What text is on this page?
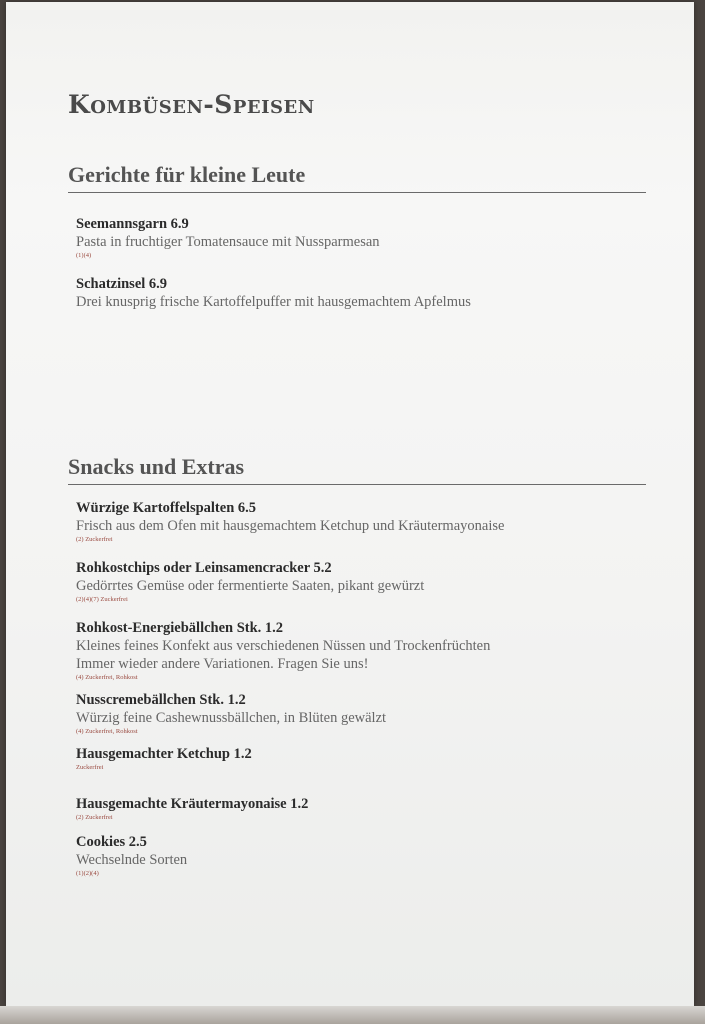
Kombüsen-Speisen
Gerichte für kleine Leute
Seemannsgarn 6.9
Pasta in fruchtiger Tomatensauce mit Nussparmesan
(1)(4)
Schatzinsel 6.9
Drei knusprig frische Kartoffelpuffer mit hausgemachtem Apfelmus
Snacks und Extras
Würzige Kartoffelspalten 6.5
Frisch aus dem Ofen mit hausgemachtem Ketchup und Kräutermayonaise
(2) Zuckerfrei
Rohkostchips oder Leinsamencracker 5.2
Gedörrtes Gemüse oder fermentierte Saaten, pikant gewürzt
(2)(4)(7) Zuckerfrei
Rohkost-Energiebällchen Stk. 1.2
Kleines feines Konfekt aus verschiedenen Nüssen und Trockenfrüchten
Immer wieder andere Variationen. Fragen Sie uns!
(4) Zuckerfrei, Rohkost
Nusscremebällchen Stk. 1.2
Würzig feine Cashewnussbällchen, in Blüten gewälzt
(4) Zuckerfrei, Rohkost
Hausgemachter Ketchup 1.2
Zuckerfrei
Hausgemachte Kräutermayonaise 1.2
(2) Zuckerfrei
Cookies 2.5
Wechselnde Sorten
(1)(2)(4)
